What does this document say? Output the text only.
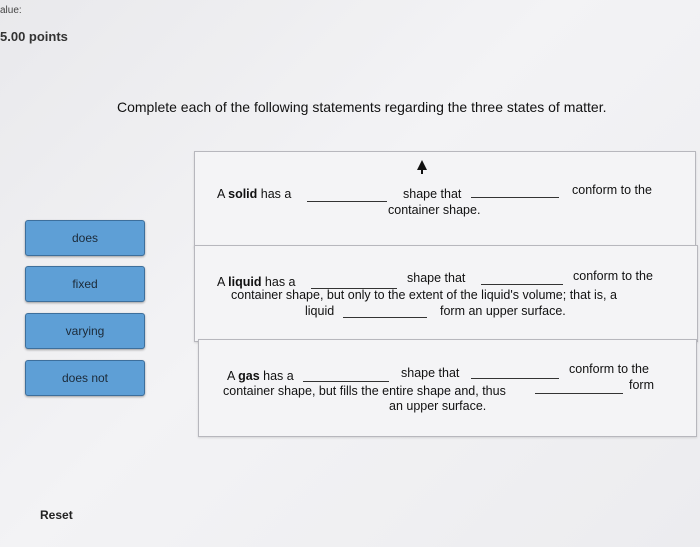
alue:
5.00 points
Complete each of the following statements regarding the three states of matter.
does
fixed
varying
does not
Reset
A solid has a	shape that	conform to the
container shape.
A liquid has a	shape that	conform to the
container shape, but only to the extent of the liquid's volume; that is, a
liquid	form an upper surface.
A gas has a	shape that	conform to the
container shape, but fills the entire shape and, thus	form
an upper surface.
